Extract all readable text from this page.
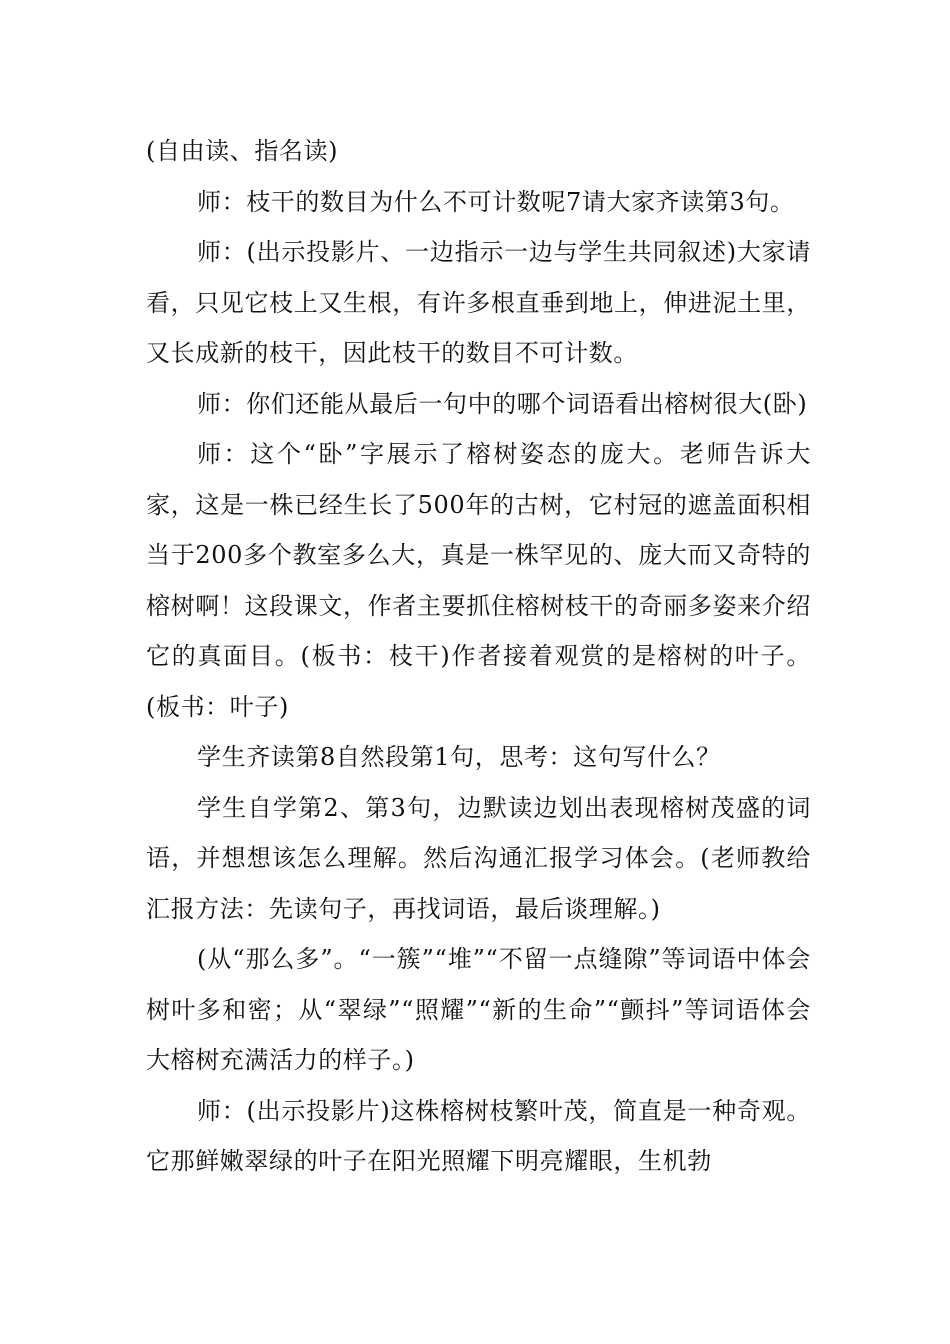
(自由读、指名读)

师：枝干的数目为什么不可计数呢7请大家齐读第3句。

师：(出示投影片、一边指示一边与学生共同叙述)大家请看，只见它枝上又生根，有许多根直垂到地上，伸进泥土里，又长成新的枝干，因此枝干的数目不可计数。

师：你们还能从最后一句中的哪个词语看出榕树很大(卧)

师：这个“卧”字展示了榕树姿态的庞大。老师告诉大家，这是一株已经生长了500年的古树，它村冠的遮盖面积相当于200多个教室多么大，真是一株罕见的、庞大而又奇特的榕树啊！这段课文，作者主要抓住榕树枝干的奇丽多姿来介绍它的真面目。(板书：枝干)作者接着观赏的是榕树的叶子。(板书：叶子)

学生齐读第8自然段第1句，思考：这句写什么？

学生自学第2、第3句，边默读边划出表现榕树茂盛的词语，并想想该怎么理解。然后沟通汇报学习体会。(老师教给汇报方法：先读句子，再找词语，最后谈理解。)

(从“那么多”。“一簇”“堆”“不留一点缝隙”等词语中体会树叶多和密；从“翠绿”“照耀”“新的生命”“颤抖”等词语体会大榕树充满活力的样子。)

师：(出示投影片)这株榕树枝繁叶茂，简直是一种奇观。它那鲜嫩翠绿的叶子在阳光照耀下明亮耀眼，生机勃
